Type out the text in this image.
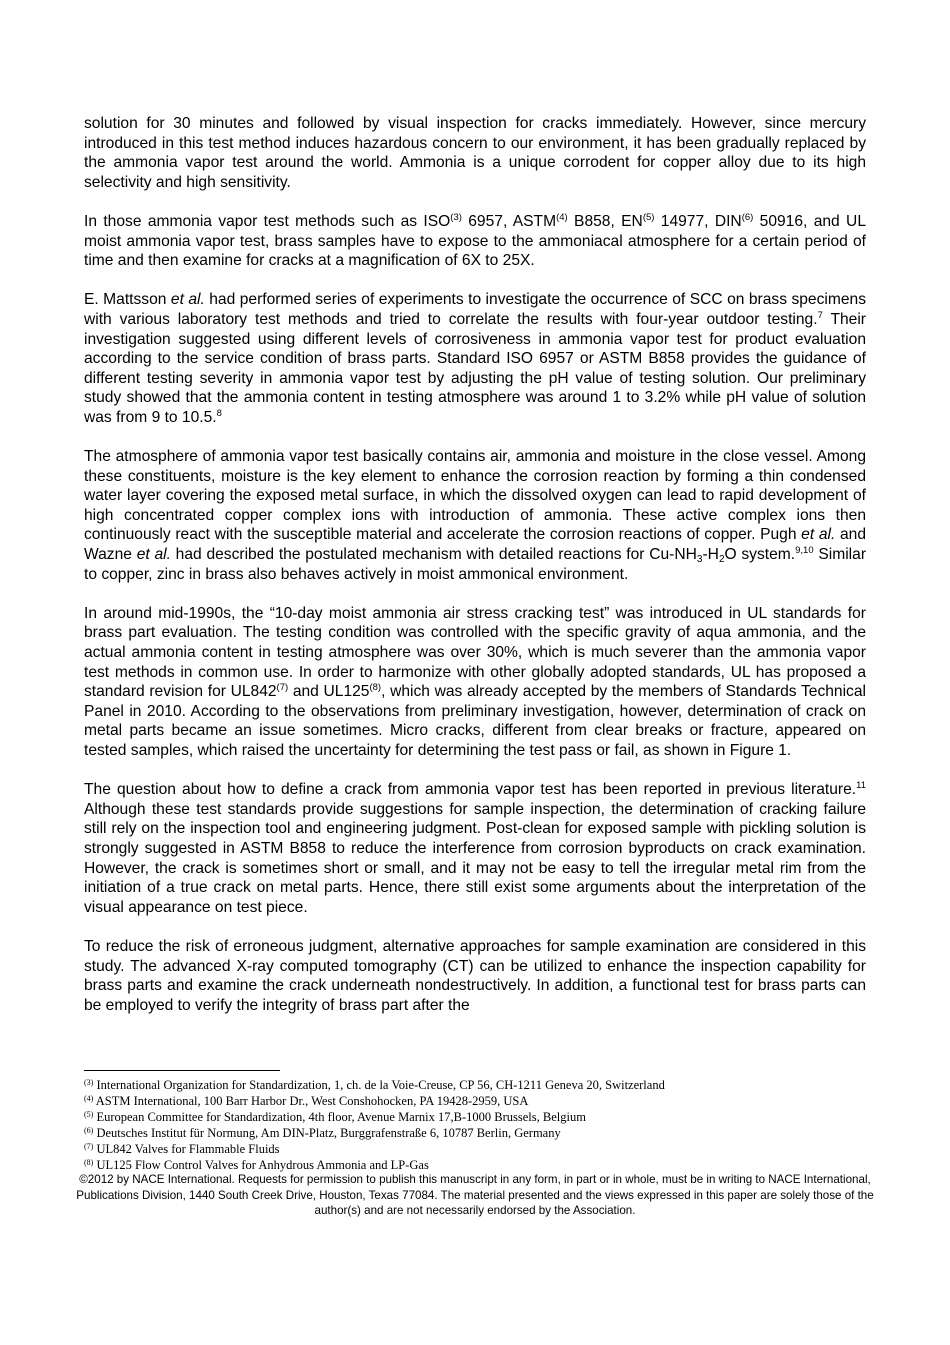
solution for 30 minutes and followed by visual inspection for cracks immediately. However, since mercury introduced in this test method induces hazardous concern to our environment, it has been gradually replaced by the ammonia vapor test around the world. Ammonia is a unique corrodent for copper alloy due to its high selectivity and high sensitivity.

In those ammonia vapor test methods such as ISO$^{(3)}$ 6957, ASTM$^{(4)}$ B858, EN$^{(5)}$ 14977, DIN$^{(6)}$ 50916, and UL moist ammonia vapor test, brass samples have to expose to the ammoniacal atmosphere for a certain period of time and then examine for cracks at a magnification of 6X to 25X.

E. Mattsson et al. had performed series of experiments to investigate the occurrence of SCC on brass specimens with various laboratory test methods and tried to correlate the results with four-year outdoor testing.$^7$ Their investigation suggested using different levels of corrosiveness in ammonia vapor test for product evaluation according to the service condition of brass parts. Standard ISO 6957 or ASTM B858 provides the guidance of different testing severity in ammonia vapor test by adjusting the pH value of testing solution. Our preliminary study showed that the ammonia content in testing atmosphere was around 1 to 3.2% while pH value of solution was from 9 to 10.5.$^8$

The atmosphere of ammonia vapor test basically contains air, ammonia and moisture in the close vessel. Among these constituents, moisture is the key element to enhance the corrosion reaction by forming a thin condensed water layer covering the exposed metal surface, in which the dissolved oxygen can lead to rapid development of high concentrated copper complex ions with introduction of ammonia. These active complex ions then continuously react with the susceptible material and accelerate the corrosion reactions of copper. Pugh et al. and Wazne et al. had described the postulated mechanism with detailed reactions for $Cu-NH_3-H_2O$ system.$^{9,10}$ Similar to copper, zinc in brass also behaves actively in moist ammonical environment.

In around mid-1990s, the “10-day moist ammonia air stress cracking test” was introduced in UL standards for brass part evaluation. The testing condition was controlled with the specific gravity of aqua ammonia, and the actual ammonia content in testing atmosphere was over 30%, which is much severer than the ammonia vapor test methods in common use. In order to harmonize with other globally adopted standards, UL has proposed a standard revision for UL842$^{(7)}$ and UL125$^{(8)}$, which was already accepted by the members of Standards Technical Panel in 2010. According to the observations from preliminary investigation, however, determination of crack on metal parts became an issue sometimes. Micro cracks, different from clear breaks or fracture, appeared on tested samples, which raised the uncertainty for determining the test pass or fail, as shown in Figure 1.

The question about how to define a crack from ammonia vapor test has been reported in previous literature.$^{11}$ Although these test standards provide suggestions for sample inspection, the determination of cracking failure still rely on the inspection tool and engineering judgment. Post-clean for exposed sample with pickling solution is strongly suggested in ASTM B858 to reduce the interference from corrosion byproducts on crack examination. However, the crack is sometimes short or small, and it may not be easy to tell the irregular metal rim from the initiation of a true crack on metal parts. Hence, there still exist some arguments about the interpretation of the visual appearance on test piece.

To reduce the risk of erroneous judgment, alternative approaches for sample examination are considered in this study. The advanced X-ray computed tomography (CT) can be utilized to enhance the inspection capability for brass parts and examine the crack underneath nondestructively. In addition, a functional test for brass parts can be employed to verify the integrity of brass part after the

$^{(3)}$ International Organization for Standardization, 1, ch. de la Voie-Creuse, CP 56, CH-1211 Geneva 20, Switzerland
$^{(4)}$ ASTM International, 100 Barr Harbor Dr., West Conshohocken, PA 19428-2959, USA
$^{(5)}$ European Committee for Standardization, 4th floor, Avenue Marnix 17,B-1000 Brussels, Belgium
$^{(6)}$ Deutsches Institut für Normung, Am DIN-Platz, Burggrafenstraße 6, 10787 Berlin, Germany
$^{(7)}$ UL842 Valves for Flammable Fluids
$^{(8)}$ UL125 Flow Control Valves for Anhydrous Ammonia and LP-Gas
©2012 by NACE International. Requests for permission to publish this manuscript in any form, in part or in whole, must be in writing to NACE International,
Publications Division, 1440 South Creek Drive, Houston, Texas 77084. The material presented and the views expressed in this paper are solely those of the
author(s) and are not necessarily endorsed by the Association.
